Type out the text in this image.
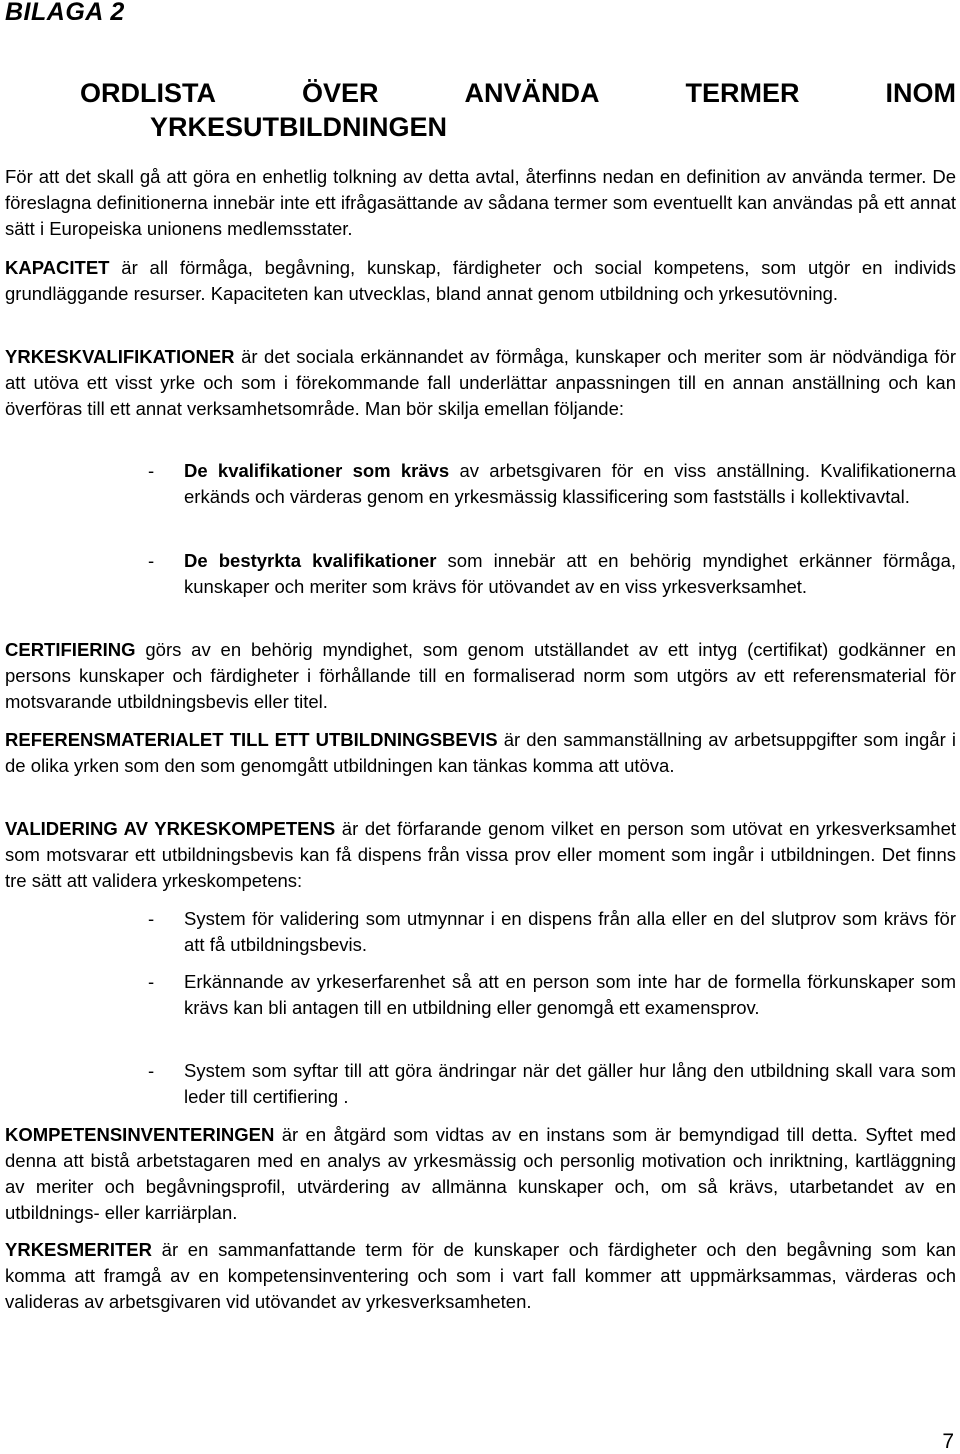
BILAGA 2
ORDLISTA	ÖVER	ANVÄNDA	TERMER	INOM
YRKESUTBILDNINGEN
För att det skall gå att göra en enhetlig tolkning av detta avtal, återfinns nedan en definition av använda termer. De föreslagna definitionerna innebär inte ett ifrågasättande av sådana termer som eventuellt kan användas på ett annat sätt i Europeiska unionens medlemsstater.
KAPACITET är all förmåga, begåvning, kunskap, färdigheter och social kompetens, som utgör en individs grundläggande resurser. Kapaciteten kan utvecklas, bland annat genom utbildning och yrkesutövning.
YRKESKVALIFIKATIONER är det sociala erkännandet av förmåga, kunskaper och meriter som är nödvändiga för att utöva ett visst yrke och som i förekommande fall underlättar anpassningen till en annan anställning och kan överföras till ett annat verksamhetsområde. Man bör skilja emellan följande:
- De kvalifikationer som krävs av arbetsgivaren för en viss anställning. Kvalifikationerna erkänds och värderas genom en yrkesmässig klassificering som fastställs i kollektivavtal.
- De bestyrkta kvalifikationer som innebär att en behörig myndighet erkänner förmåga, kunskaper och meriter som krävs för utövandet av en viss yrkesverksamhet.
CERTIFIERING görs av en behörig myndighet, som genom utställandet av ett intyg (certifikat) godkänner en persons kunskaper och färdigheter i förhållande till en formaliserad norm som utgörs av ett referensmaterial för motsvarande utbildningsbevis eller titel.
REFERENSMATERIALET TILL ETT UTBILDNINGSBEVIS är den sammanställning av arbetsuppgifter som ingår i de olika yrken som den som genomgått utbildningen kan tänkas komma att utöva.
VALIDERING AV YRKESKOMPETENS är det förfarande genom vilket en person som utövat en yrkesverksamhet som motsvarar ett utbildningsbevis kan få dispens från vissa prov eller moment som ingår i utbildningen. Det finns tre sätt att validera yrkeskompetens:
- System för validering som utmynnar i en dispens från alla eller en del slutprov som krävs för att få utbildningsbevis.
- Erkännande av yrkeserfarenhet så att en person som inte har de formella förkunskaper som krävs kan bli antagen till en utbildning eller genomgå ett examensprov.
- System som syftar till att göra ändringar när det gäller hur lång den utbildning skall vara som leder till certifiering .
KOMPETENSINVENTERINGEN är en åtgärd som vidtas av en instans som är bemyndigad till detta. Syftet med denna att bistå arbetstagaren med en analys av yrkesmässig och personlig motivation och inriktning, kartläggning av meriter och begåvningsprofil, utvärdering av allmänna kunskaper och, om så krävs, utarbetandet av en utbildnings- eller karriärplan.
YRKESMERITER är en sammanfattande term för de kunskaper och färdigheter och den begåvning som kan komma att framgå av en kompetensinventering och som i vart fall kommer att uppmärksammas, värderas och valideras av arbetsgivaren vid utövandet av yrkesverksamheten.
7
